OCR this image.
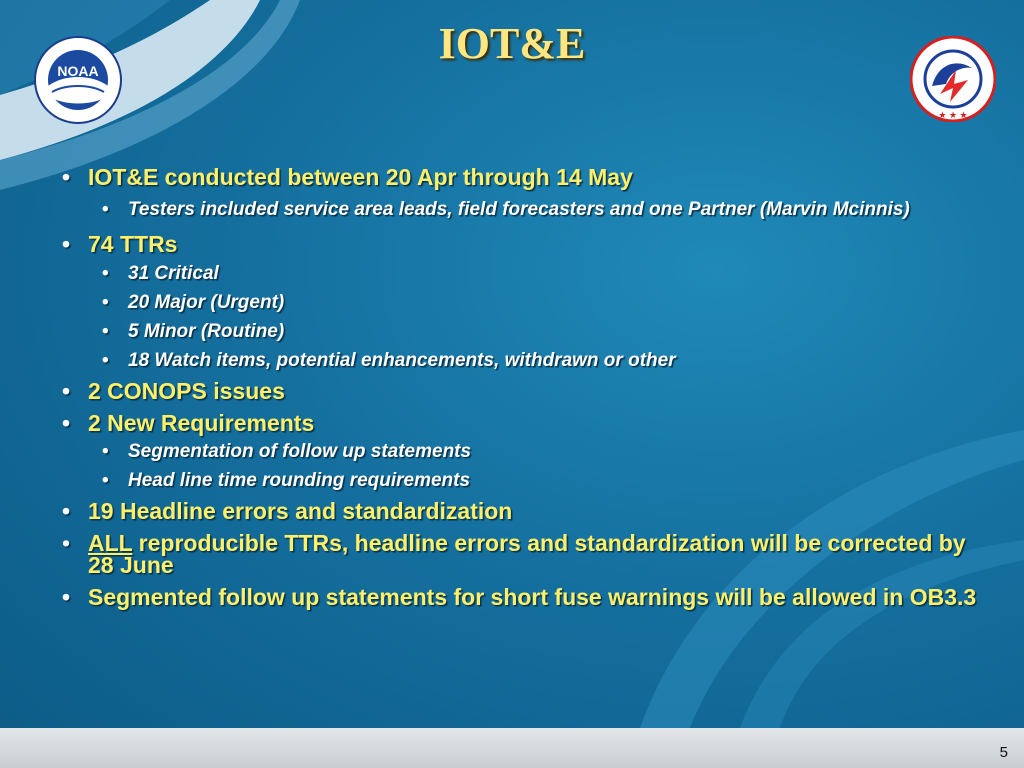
IOT&E
NOAA
★ ★ ★
• IOT&E conducted between 20 Apr through 14 May
• Testers included service area leads, field forecasters and one Partner (Marvin Mcinnis)
• 74 TTRs
• 31 Critical
• 20 Major (Urgent)
• 5 Minor (Routine)
• 18 Watch items, potential enhancements, withdrawn or other
• 2 CONOPS issues
• 2 New Requirements
• Segmentation of follow up statements
• Head line time rounding requirements
• 19 Headline errors and standardization
• ALL reproducible TTRs, headline errors and standardization will be corrected by 28 June
• Segmented follow up statements for short fuse warnings will be allowed in OB3.3
5
